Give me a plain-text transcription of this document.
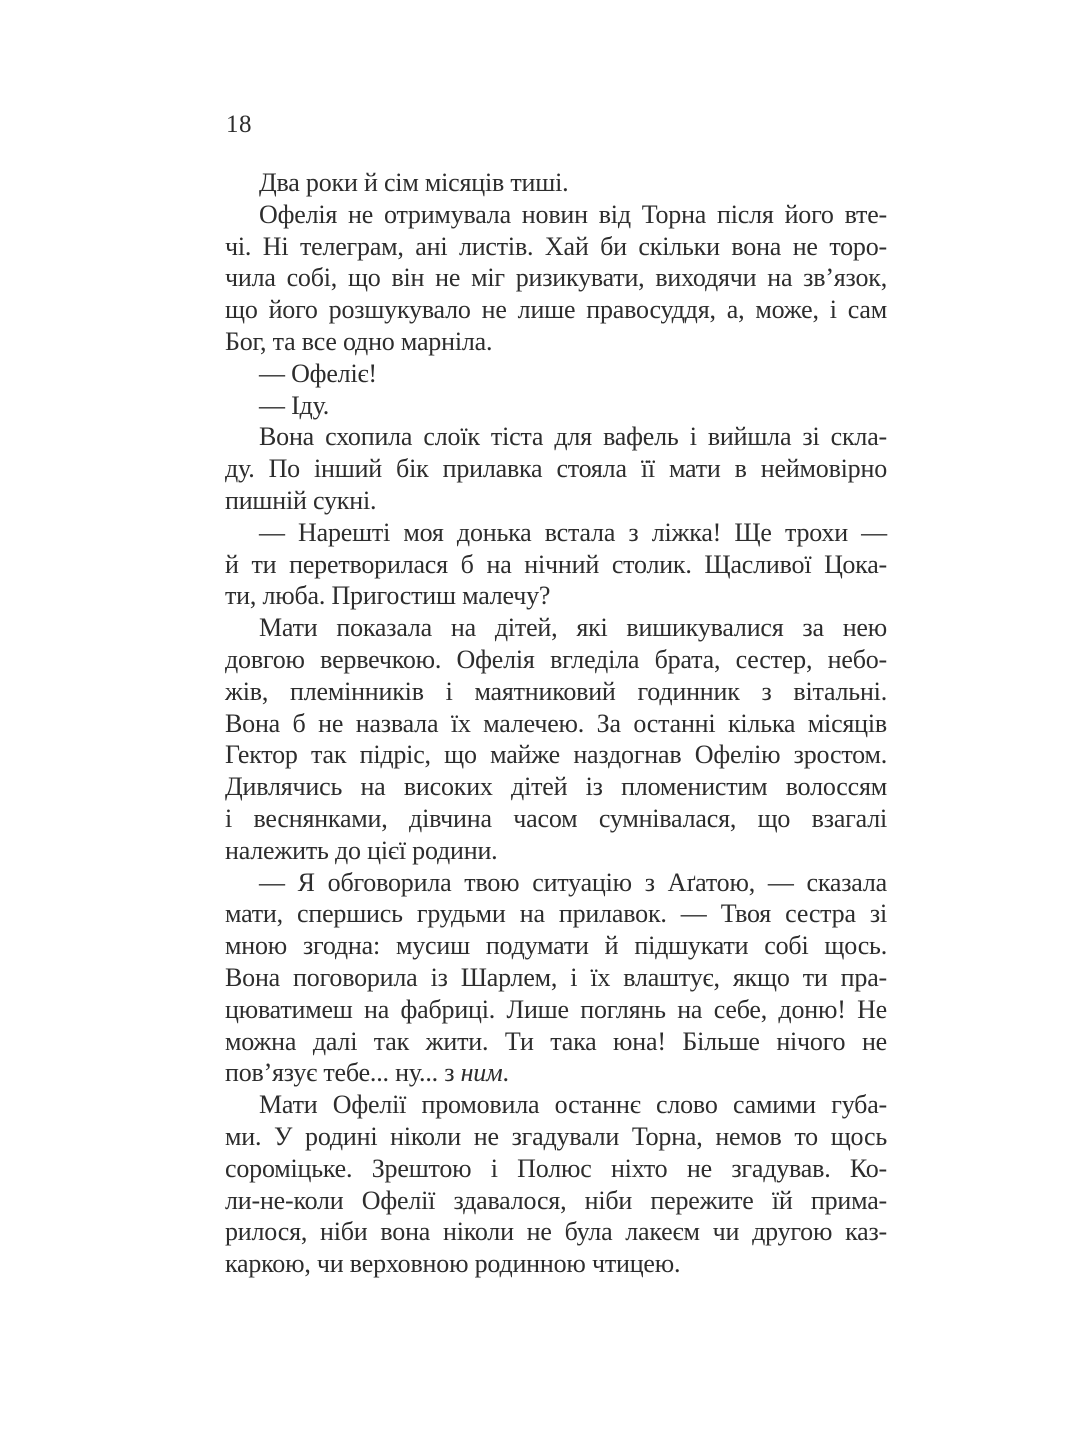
18
Два роки й сім місяців тиші.
Офелія не отримувала новин від Торна після його вте-
чі. Ні телеграм, ані листів. Хай би скільки вона не торо-
чила собі, що він не міг ризикувати, виходячи на зв’язок,
що його розшукувало не лише правосуддя, а, може, і сам
Бог, та все одно марніла.
— Офеліє!
— Іду.
Вона схопила слоїк тіста для вафель і вийшла зі скла-
ду. По інший бік прилавка стояла її мати в неймовірно
пишній сукні.
— Нарешті моя донька встала з ліжка! Ще трохи —
й ти перетворилася б на нічний столик. Щасливої Цока-
ти, люба. Пригостиш малечу?
Мати показала на дітей, які вишикувалися за нею
довгою вервечкою. Офелія вгледіла брата, сестер, небо-
жів, племінників і маятниковий годинник з вітальні.
Вона б не назвала їх малечею. За останні кілька місяців
Гектор так підріс, що майже наздогнав Офелію зростом.
Дивлячись на високих дітей із пломенистим волоссям
і веснянками, дівчина часом сумнівалася, що взагалі
належить до цієї родини.
— Я обговорила твою ситуацію з Аґатою, — сказала
мати, спершись грудьми на прилавок. — Твоя сестра зі
мною згодна: мусиш подумати й підшукати собі щось.
Вона поговорила із Шарлем, і їх влаштує, якщо ти пра-
цюватимеш на фабриці. Лише поглянь на себе, доню! Не
можна далі так жити. Ти така юна! Більше нічого не
пов’язує тебе... ну... з ним.
Мати Офелії промовила останнє слово самими губа-
ми. У родині ніколи не згадували Торна, немов то щось
сороміцьке. Зрештою і Полюс ніхто не згадував. Ко-
ли-не-коли Офелії здавалося, ніби пережите їй прима-
рилося, ніби вона ніколи не була лакеєм чи другою каз-
каркою, чи верховною родинною чтицею.
